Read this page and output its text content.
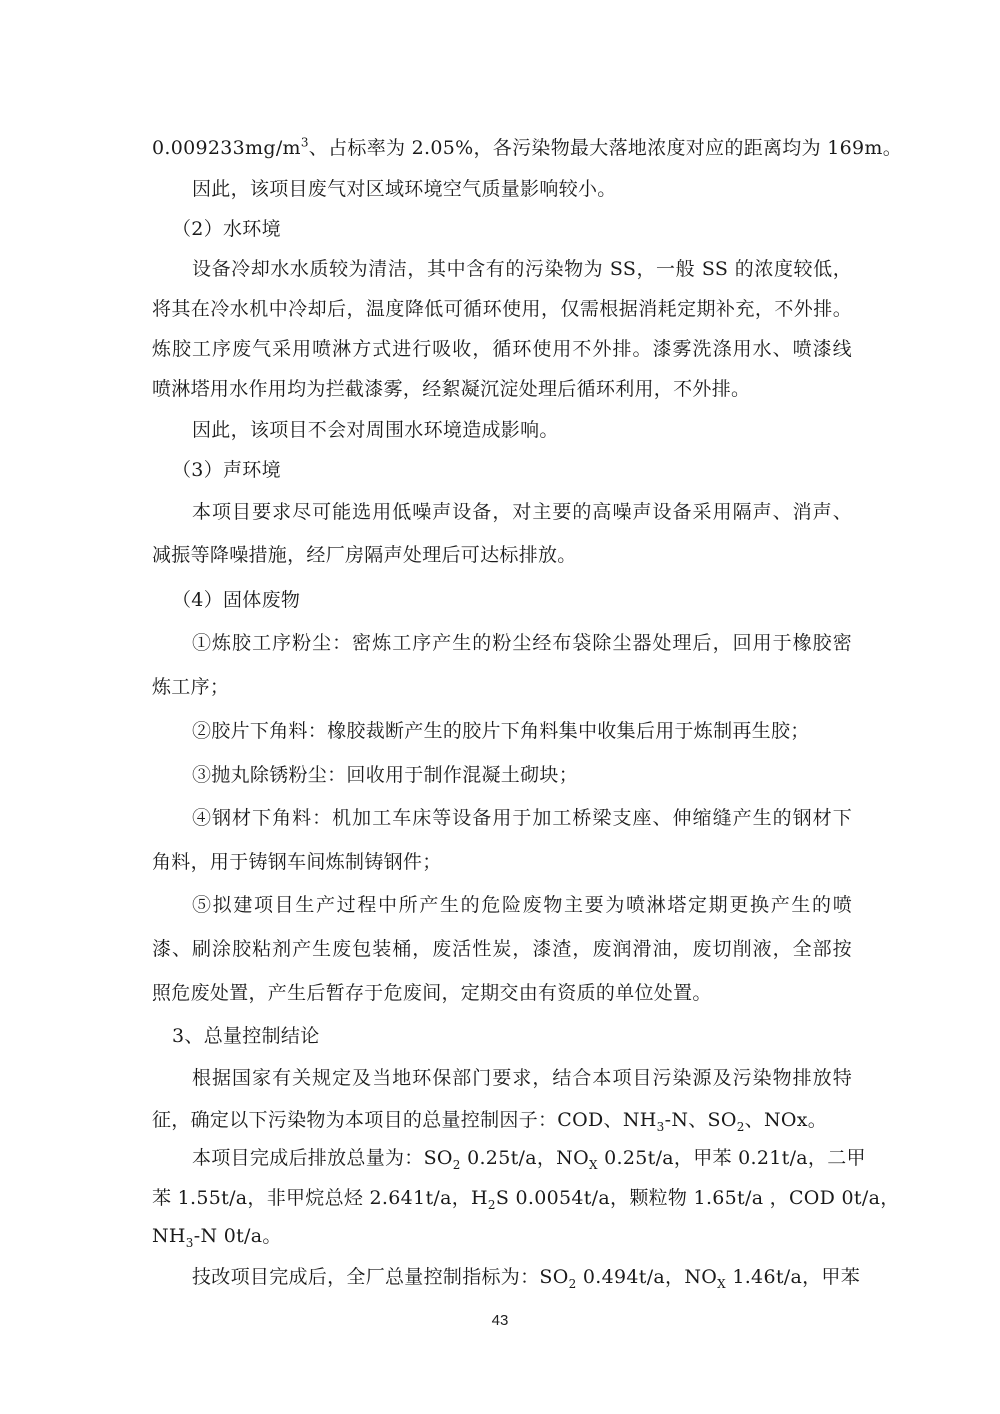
$0.009233mg/m^3$、占标率为 2.05%，各污染物最大落地浓度对应的距离均为 169m。
因此，该项目废气对区域环境空气质量影响较小。
（2）水环境
设备冷却水水质较为清洁，其中含有的污染物为 SS，一般 SS 的浓度较低，
将其在冷水机中冷却后，温度降低可循环使用，仅需根据消耗定期补充，不外排。
炼胶工序废气采用喷淋方式进行吸收，循环使用不外排。漆雾洗涤用水、喷漆线
喷淋塔用水作用均为拦截漆雾，经絮凝沉淀处理后循环利用，不外排。
因此，该项目不会对周围水环境造成影响。
（3）声环境
本项目要求尽可能选用低噪声设备，对主要的高噪声设备采用隔声、消声、
减振等降噪措施，经厂房隔声处理后可达标排放。
（4）固体废物
①炼胶工序粉尘：密炼工序产生的粉尘经布袋除尘器处理后，回用于橡胶密
炼工序；
②胶片下角料：橡胶裁断产生的胶片下角料集中收集后用于炼制再生胶；
③抛丸除锈粉尘：回收用于制作混凝土砌块；
④钢材下角料：机加工车床等设备用于加工桥梁支座、伸缩缝产生的钢材下
角料，用于铸钢车间炼制铸钢件；
⑤拟建项目生产过程中所产生的危险废物主要为喷淋塔定期更换产生的喷
漆、刷涂胶粘剂产生废包装桶，废活性炭，漆渣，废润滑油，废切削液，全部按
照危废处置，产生后暂存于危废间，定期交由有资质的单位处置。
3、总量控制结论
根据国家有关规定及当地环保部门要求，结合本项目污染源及污染物排放特
征，确定以下污染物为本项目的总量控制因子：COD、$NH_3-N$、$SO_2$、NOx。
本项目完成后排放总量为：$SO_2$ 0.25t/a，$NO_X$ 0.25t/a，甲苯 0.21t/a，二甲
苯 1.55t/a，非甲烷总烃 2.641t/a，$H_2S$ 0.0054t/a，颗粒物 1.65t/a ，COD 0t/a，
$NH_3-N$ 0t/a。
技改项目完成后，全厂总量控制指标为：$SO_2$ 0.494t/a，$NO_X$ 1.46t/a，甲苯
43
